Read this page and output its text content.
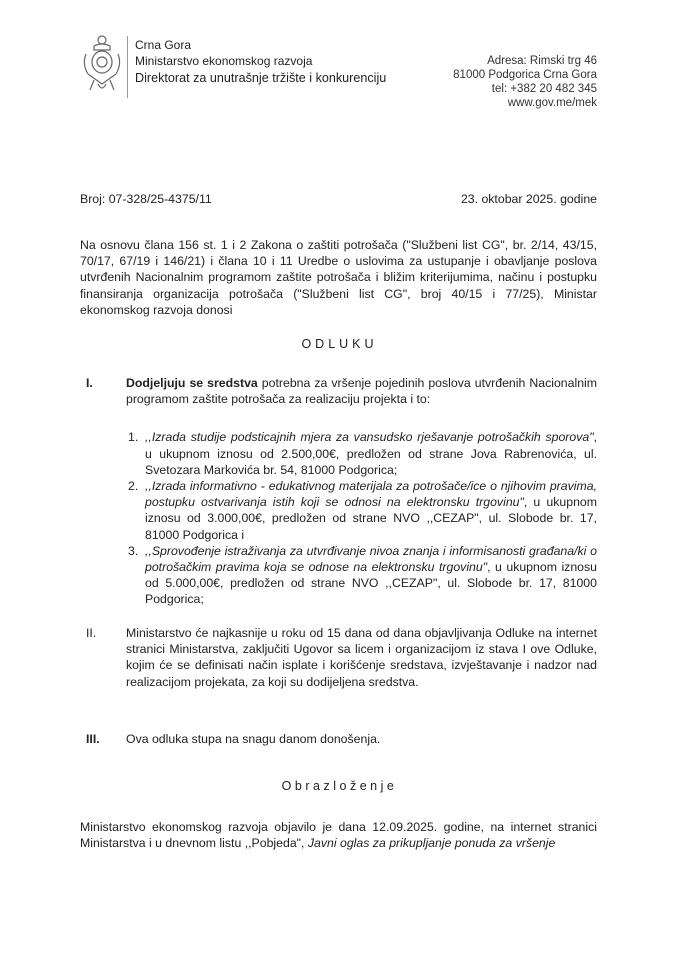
Crna Gora
Ministarstvo ekonomskog razvoja
Direktorat za unutrašnje tržište i konkurenciju
Adresa: Rimski trg 46
81000 Podgorica Crna Gora
tel: +382 20 482 345
www.gov.me/mek
Broj: 07-328/25-4375/11	23. oktobar 2025. godine
Na osnovu člana 156 st. 1 i 2 Zakona o zaštiti potrošača ("Službeni list CG", br. 2/14, 43/15, 70/17, 67/19 i 146/21) i člana 10 i 11 Uredbe o uslovima za ustupanje i obavljanje poslova utvrđenih Nacionalnim programom zaštite potrošača i bližim kriterijumima, načinu i postupku finansiranja organizacija potrošača ("Službeni list CG", broj 40/15 i 77/25), Ministar ekonomskog razvoja donosi
ODLUKU
I.	Dodjeljuju se sredstva potrebna za vršenje pojedinih poslova utvrđenih Nacionalnim programom zaštite potrošača za realizaciju projekta i to:
1. ,,Izrada studije podsticajnih mjera za vansudsko rješavanje potrošačkih sporova", u ukupnom iznosu od 2.500,00€, predložen od strane Jova Rabrenovića, ul. Svetozara Markovića br. 54, 81000 Podgorica;
2. ,,Izrada informativno - edukativnog materijala za potrošače/ice o njihovim pravima, postupku ostvarivanja istih koji se odnosi na elektronsku trgovinu", u ukupnom iznosu od 3.000,00€, predložen od strane NVO ,,CEZAP", ul. Slobode br. 17, 81000 Podgorica i
3. ,,Sprovođenje istraživanja za utvrđivanje nivoa znanja i informisanosti građana/ki o potrošačkim pravima koja se odnose na elektronsku trgovinu", u ukupnom iznosu od 5.000,00€, predložen od strane NVO ,,CEZAP", ul. Slobode br. 17, 81000 Podgorica;
II. Ministarstvo će najkasnije u roku od 15 dana od dana objavljivanja Odluke na internet stranici Ministarstva, zaključiti Ugovor sa licem i organizacijom iz stava I ove Odluke, kojim će se definisati način isplate i korišćenje sredstava, izvještavanje i nadzor nad realizacijom projekata, za koji su dodijeljena sredstva.
III. Ova odluka stupa na snagu danom donošenja.
Obrazloženje
Ministarstvo ekonomskog razvoja objavilo je dana 12.09.2025. godine, na internet stranici Ministarstva i u dnevnom listu ,,Pobjeda", Javni oglas za prikupljanje ponuda za vršenje
